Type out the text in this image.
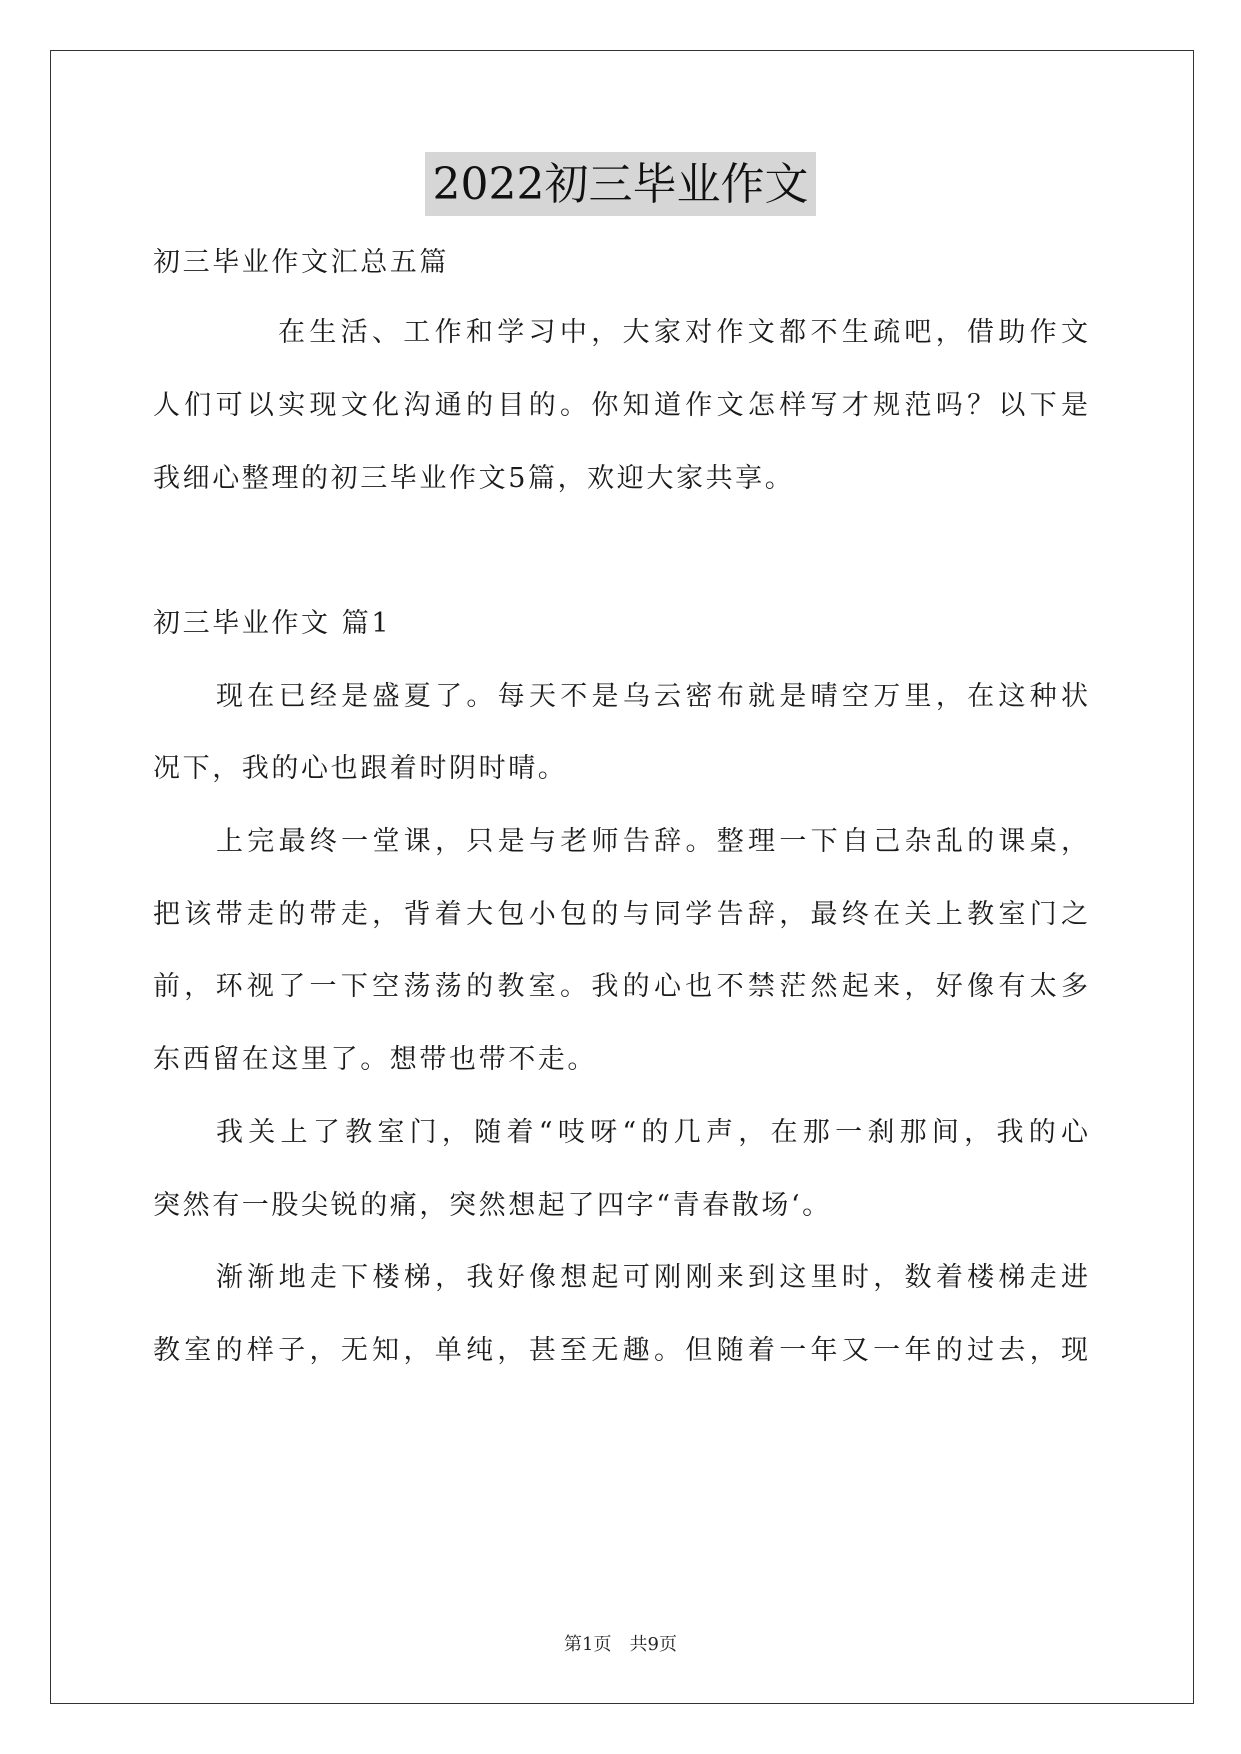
2022初三毕业作文
初三毕业作文汇总五篇
在生活、工作和学习中，大家对作文都不生疏吧，借助作文
人们可以实现文化沟通的目的。你知道作文怎样写才规范吗？以下是
我细心整理的初三毕业作文5篇，欢迎大家共享。
初三毕业作文 篇1
现在已经是盛夏了。每天不是乌云密布就是晴空万里，在这种状
况下，我的心也跟着时阴时晴。
上完最终一堂课，只是与老师告辞。整理一下自己杂乱的课桌，
把该带走的带走，背着大包小包的与同学告辞，最终在关上教室门之
前，环视了一下空荡荡的教室。我的心也不禁茫然起来，好像有太多
东西留在这里了。想带也带不走。
我关上了教室门，随着“吱呀“的几声，在那一刹那间，我的心
突然有一股尖锐的痛，突然想起了四字“青春散场‘。
渐渐地走下楼梯，我好像想起可刚刚来到这里时，数着楼梯走进
教室的样子，无知，单纯，甚至无趣。但随着一年又一年的过去，现
第1页　共9页
